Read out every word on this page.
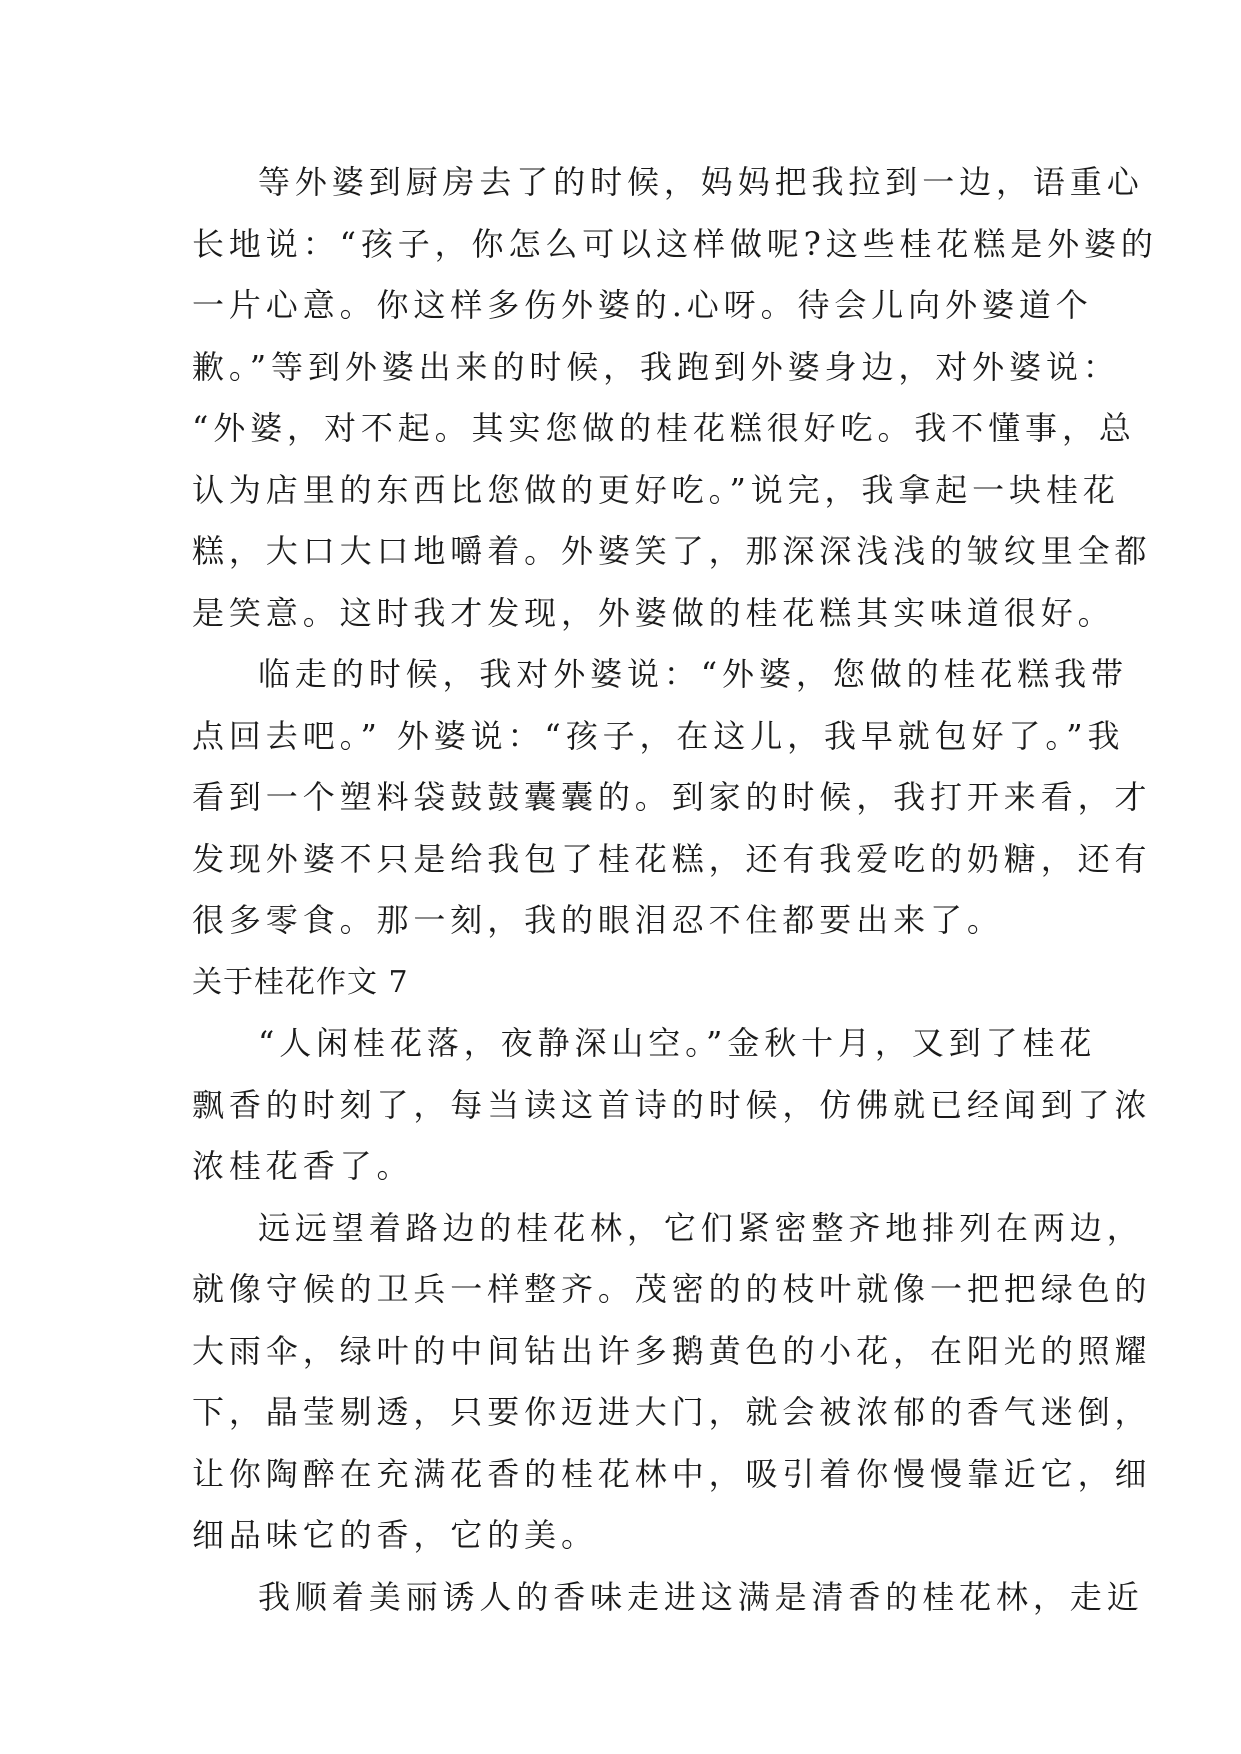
等外婆到厨房去了的时候，妈妈把我拉到一边，语重心
长地说：“孩子，你怎么可以这样做呢?这些桂花糕是外婆的
一片心意。你这样多伤外婆的.心呀。待会儿向外婆道个
歉。”等到外婆出来的时候，我跑到外婆身边，对外婆说：
“外婆，对不起。其实您做的桂花糕很好吃。我不懂事，总
认为店里的东西比您做的更好吃。”说完，我拿起一块桂花
糕，大口大口地嚼着。外婆笑了，那深深浅浅的皱纹里全都
是笑意。这时我才发现，外婆做的桂花糕其实味道很好。
临走的时候，我对外婆说：“外婆，您做的桂花糕我带
点回去吧。” 外婆说：“孩子，在这儿，我早就包好了。”我
看到一个塑料袋鼓鼓囊囊的。到家的时候，我打开来看，才
发现外婆不只是给我包了桂花糕，还有我爱吃的奶糖，还有
很多零食。那一刻，我的眼泪忍不住都要出来了。
关于桂花作文 7
“人闲桂花落，夜静深山空。”金秋十月，又到了桂花
飘香的时刻了，每当读这首诗的时候，仿佛就已经闻到了浓
浓桂花香了。
远远望着路边的桂花林，它们紧密整齐地排列在两边，
就像守候的卫兵一样整齐。茂密的的枝叶就像一把把绿色的
大雨伞，绿叶的中间钻出许多鹅黄色的小花，在阳光的照耀
下，晶莹剔透，只要你迈进大门，就会被浓郁的香气迷倒，
让你陶醉在充满花香的桂花林中，吸引着你慢慢靠近它，细
细品味它的香，它的美。
我顺着美丽诱人的香味走进这满是清香的桂花林，走近
